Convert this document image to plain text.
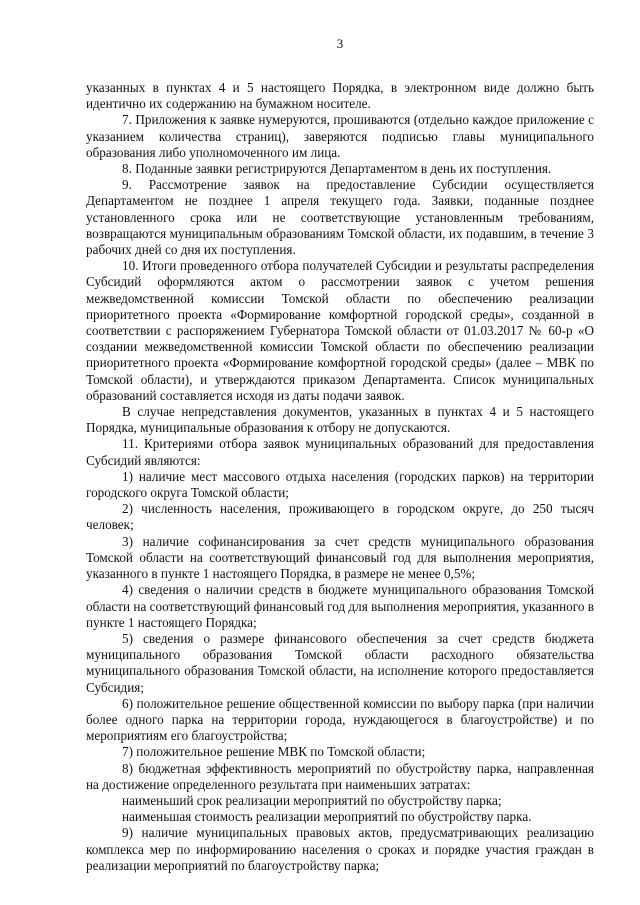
3

указанных в пунктах 4 и 5 настоящего Порядка, в электронном виде должно быть идентично их содержанию на бумажном носителе.

7. Приложения к заявке нумеруются, прошиваются (отдельно каждое приложение с указанием количества страниц), заверяются подписью главы муниципального образования либо уполномоченного им лица.

8. Поданные заявки регистрируются Департаментом в день их поступления.

9. Рассмотрение заявок на предоставление Субсидии осуществляется Департаментом не позднее 1 апреля текущего года. Заявки, поданные позднее установленного срока или не соответствующие установленным требованиям, возвращаются муниципальным образованиям Томской области, их подавшим, в течение 3 рабочих дней со дня их поступления.

10. Итоги проведенного отбора получателей Субсидии и результаты распределения Субсидий оформляются актом о рассмотрении заявок с учетом решения межведомственной комиссии Томской области по обеспечению реализации приоритетного проекта «Формирование комфортной городской среды», созданной в соответствии с распоряжением Губернатора Томской области от 01.03.2017 № 60-р «О создании межведомственной комиссии Томской области по обеспечению реализации приоритетного проекта «Формирование комфортной городской среды» (далее – МВК по Томской области), и утверждаются приказом Департамента. Список муниципальных образований составляется исходя из даты подачи заявок.

В случае непредставления документов, указанных в пунктах 4 и 5 настоящего Порядка, муниципальные образования к отбору не допускаются.

11. Критериями отбора заявок муниципальных образований для предоставления Субсидий являются:

1) наличие мест массового отдыха населения (городских парков) на территории городского округа Томской области;

2) численность населения, проживающего в городском округе, до 250 тысяч человек;

3) наличие софинансирования за счет средств муниципального образования Томской области на соответствующий финансовый год для выполнения мероприятия, указанного в пункте 1 настоящего Порядка, в размере не менее 0,5%;

4) сведения о наличии средств в бюджете муниципального образования Томской области на соответствующий финансовый год для выполнения мероприятия, указанного в пункте 1 настоящего Порядка;

5) сведения о размере финансового обеспечения за счет средств бюджета муниципального образования Томской области расходного обязательства муниципального образования Томской области, на исполнение которого предоставляется Субсидия;

6) положительное решение общественной комиссии по выбору парка (при наличии более одного парка на территории города, нуждающегося в благоустройстве) и по мероприятиям его благоустройства;

7) положительное решение МВК по Томской области;

8) бюджетная эффективность мероприятий по обустройству парка, направленная на достижение определенного результата при наименьших затратах:

наименьший срок реализации мероприятий по обустройству парка;

наименьшая стоимость реализации мероприятий по обустройству парка.

9) наличие муниципальных правовых актов, предусматривающих реализацию комплекса мер по информированию населения о сроках и порядке участия граждан в реализации мероприятий по благоустройству парка;
